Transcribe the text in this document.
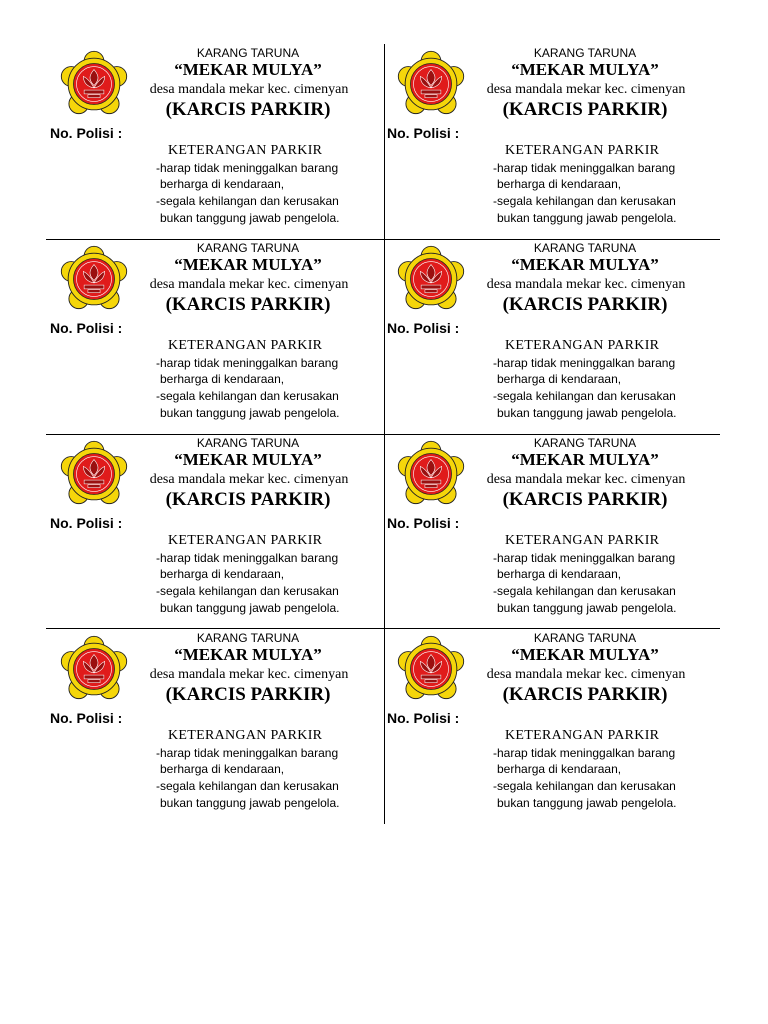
KARANG TARUNA
“MEKAR MULYA”
desa mandala mekar kec. cimenyan
(KARCIS PARKIR)
No. Polisi :
KETERANGAN PARKIR
-harap tidak meninggalkan barang
berharga di kendaraan,
-segala kehilangan dan kerusakan
bukan tanggung jawab pengelola.
KARANG TARUNA
“MEKAR MULYA”
desa mandala mekar kec. cimenyan
(KARCIS PARKIR)
No. Polisi :
KETERANGAN PARKIR
-harap tidak meninggalkan barang
berharga di kendaraan,
-segala kehilangan dan kerusakan
bukan tanggung jawab pengelola.
KARANG TARUNA
“MEKAR MULYA”
desa mandala mekar kec. cimenyan
(KARCIS PARKIR)
No. Polisi :
KETERANGAN PARKIR
-harap tidak meninggalkan barang
berharga di kendaraan,
-segala kehilangan dan kerusakan
bukan tanggung jawab pengelola.
KARANG TARUNA
“MEKAR MULYA”
desa mandala mekar kec. cimenyan
(KARCIS PARKIR)
No. Polisi :
KETERANGAN PARKIR
-harap tidak meninggalkan barang
berharga di kendaraan,
-segala kehilangan dan kerusakan
bukan tanggung jawab pengelola.
KARANG TARUNA
“MEKAR MULYA”
desa mandala mekar kec. cimenyan
(KARCIS PARKIR)
No. Polisi :
KETERANGAN PARKIR
-harap tidak meninggalkan barang
berharga di kendaraan,
-segala kehilangan dan kerusakan
bukan tanggung jawab pengelola.
KARANG TARUNA
“MEKAR MULYA”
desa mandala mekar kec. cimenyan
(KARCIS PARKIR)
No. Polisi :
KETERANGAN PARKIR
-harap tidak meninggalkan barang
berharga di kendaraan,
-segala kehilangan dan kerusakan
bukan tanggung jawab pengelola.
KARANG TARUNA
“MEKAR MULYA”
desa mandala mekar kec. cimenyan
(KARCIS PARKIR)
No. Polisi :
KETERANGAN PARKIR
-harap tidak meninggalkan barang
berharga di kendaraan,
-segala kehilangan dan kerusakan
bukan tanggung jawab pengelola.
KARANG TARUNA
“MEKAR MULYA”
desa mandala mekar kec. cimenyan
(KARCIS PARKIR)
No. Polisi :
KETERANGAN PARKIR
-harap tidak meninggalkan barang
berharga di kendaraan,
-segala kehilangan dan kerusakan
bukan tanggung jawab pengelola.
